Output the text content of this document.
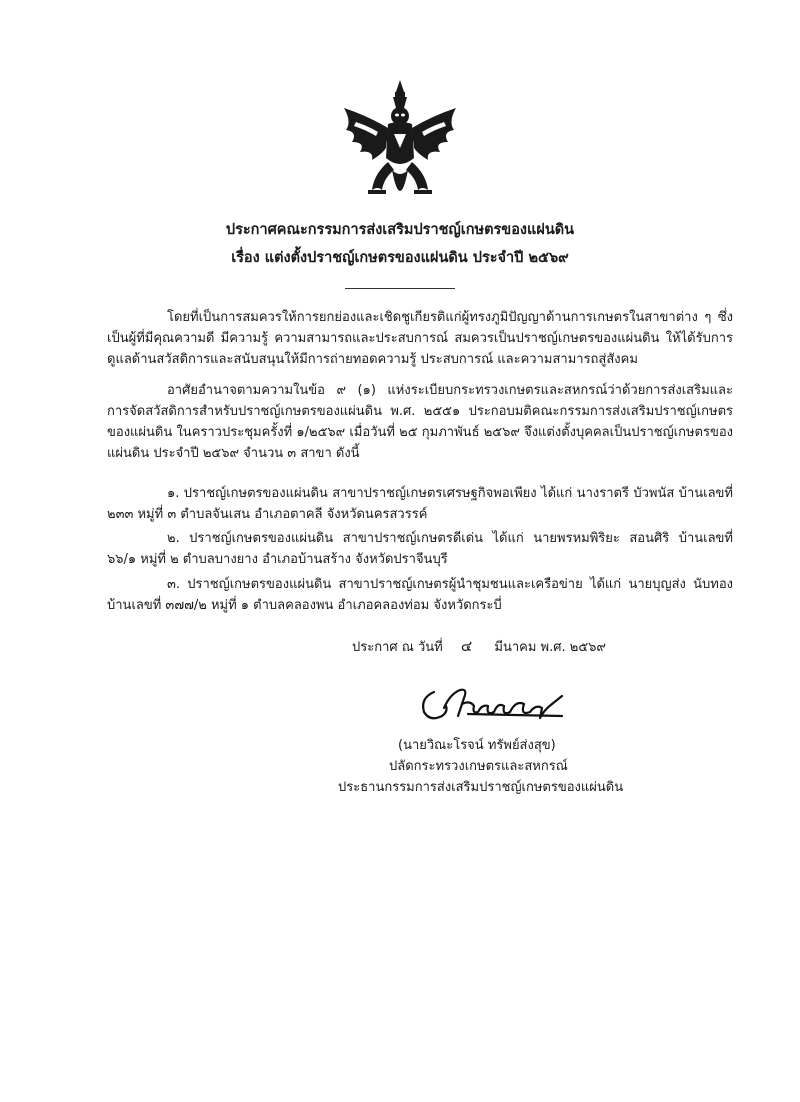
ประกาศคณะกรรมการส่งเสริมปราชญ์เกษตรของแผ่นดิน
เรื่อง แต่งตั้งปราชญ์เกษตรของแผ่นดิน ประจำปี ๒๕๖๙
โดยที่เป็นการสมควรให้การยกย่องและเชิดชูเกียรติแก่ผู้ทรงภูมิปัญญาด้านการเกษตรในสาขาต่าง ๆ ซึ่งเป็นผู้ที่มีคุณความดี มีความรู้ ความสามารถและประสบการณ์ สมควรเป็นปราชญ์เกษตรของแผ่นดิน ให้ได้รับการดูแลด้านสวัสดิการและสนับสนุนให้มีการถ่ายทอดความรู้ ประสบการณ์ และความสามารถสู่สังคม
อาศัยอำนาจตามความในข้อ ๙ (๑) แห่งระเบียบกระทรวงเกษตรและสหกรณ์ว่าด้วยการส่งเสริมและการจัดสวัสดิการสำหรับปราชญ์เกษตรของแผ่นดิน พ.ศ. ๒๕๕๑ ประกอบมติคณะกรรมการส่งเสริมปราชญ์เกษตรของแผ่นดิน ในคราวประชุมครั้งที่ ๑/๒๕๖๙ เมื่อวันที่ ๒๕ กุมภาพันธ์ ๒๕๖๙ จึงแต่งตั้งบุคคลเป็นปราชญ์เกษตรของแผ่นดิน ประจำปี ๒๕๖๙ จำนวน ๓ สาขา ดังนี้
๑. ปราชญ์เกษตรของแผ่นดิน สาขาปราชญ์เกษตรเศรษฐกิจพอเพียง ได้แก่ นางราตรี บัวพนัส บ้านเลขที่ ๒๓๓ หมู่ที่ ๓ ตำบลจันเสน อำเภอตาคลี จังหวัดนครสวรรค์
๒. ปราชญ์เกษตรของแผ่นดิน สาขาปราชญ์เกษตรดีเด่น ได้แก่ นายพรหมพิริยะ สอนศิริ บ้านเลขที่ ๖๖/๑ หมู่ที่ ๒ ตำบลบางยาง อำเภอบ้านสร้าง จังหวัดปราจีนบุรี
๓. ปราชญ์เกษตรของแผ่นดิน สาขาปราชญ์เกษตรผู้นำชุมชนและเครือข่าย ได้แก่ นายบุญส่ง นับทอง บ้านเลขที่ ๓๗๗/๒ หมู่ที่ ๑ ตำบลคลองพน อำเภอคลองท่อม จังหวัดกระบี่
ประกาศ ณ วันที่ ๔ มีนาคม พ.ศ. ๒๕๖๙
(นายวิณะโรจน์ ทรัพย์ส่งสุข)
ปลัดกระทรวงเกษตรและสหกรณ์
ประธานกรรมการส่งเสริมปราชญ์เกษตรของแผ่นดิน
